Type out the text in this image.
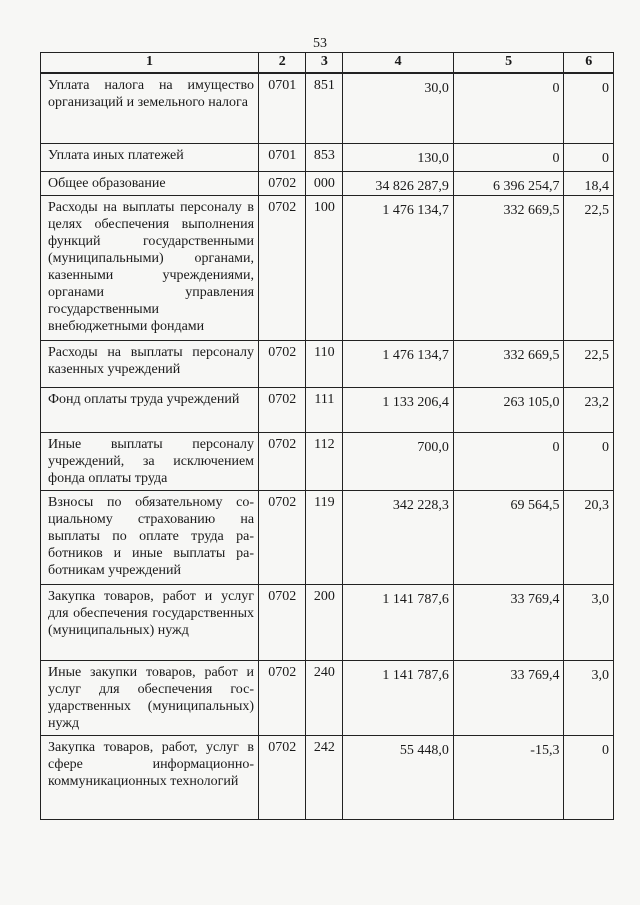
53
1	2	3	4	5	6
Уплата налога на имущество организаций и земельного налога	0701	851	30,0	0	0
Уплата иных платежей	0701	853	130,0	0	0
Общее образование	0702	000	34 826 287,9	6 396 254,7	18,4
Расходы на выплаты персоналу в целях обеспечения выполнения функций государственными (муниципальными) органами, казенными учреждениями, органами управления государственными внебюджетными фондами	0702	100	1 476 134,7	332 669,5	22,5
Расходы на выплаты персоналу казенных учреждений	0702	110	1 476 134,7	332 669,5	22,5
Фонд оплаты труда учреждений	0702	111	1 133 206,4	263 105,0	23,2
Иные выплаты персоналу учреждений, за исключением фонда оплаты труда	0702	112	700,0	0	0
Взносы по обязательному социальному страхованию на выплаты по оплате труда работников и иные выплаты работникам учреждений	0702	119	342 228,3	69 564,5	20,3
Закупка товаров, работ и услуг для обеспечения государственных (муниципальных) нужд	0702	200	1 141 787,6	33 769,4	3,0
Иные закупки товаров, работ и услуг для обеспечения государственных (муниципальных) нужд	0702	240	1 141 787,6	33 769,4	3,0
Закупка товаров, работ, услуг в сфере информационно-коммуникационных технологий	0702	242	55 448,0	-15,3	0
